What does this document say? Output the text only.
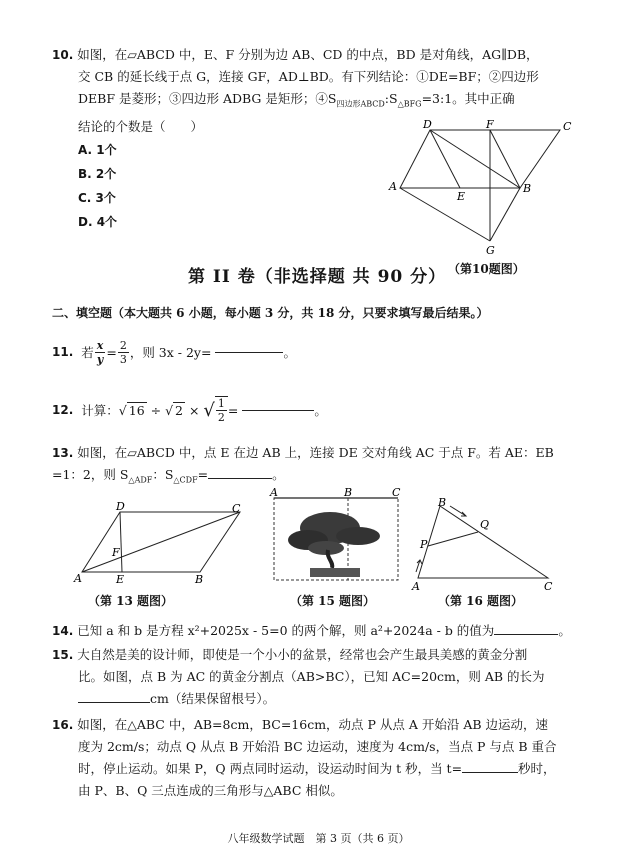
10. 如图，在▱ABCD 中，E、F 分别为边 AB、CD 的中点，BD 是对角线，AG∥DB，
交 CB 的延长线于点 G，连接 GF，AD⊥BD。有下列结论：①DE=BF；②四边形
DEBF 是菱形；③四边形 ADBG 是矩形；$④S_{四边形ABCD}:S_{\triangle BFG}=3:1$。其中正确
结论的个数是（　　）
A. 1个
B. 2个
C. 3个
D. 4个
D	F	C
A
E
B
G
（第10题图）
第 II 卷（非选择题 共 90 分）
二、填空题（本大题共 6 小题，每小题 3 分，共 18 分，只要求填写最后结果。）
11. 若 $\frac{x}{y} = \frac{2}{3}$ ，则 3x - 2y=	。
12. 计算： √ 16 ÷ √ 2 × √ $\frac{1}{2}$ =	。
13. 如图，在▱ABCD 中，点 E 在边 AB 上，连接 DE 交对角线 AC 于点 F。若 AE：EB
=1：2，则 $S_{\triangle ADF}$：$S_{\triangle CDF}=$	。
D	C
F
A	E	B
（第 13 题图）
A	B	C
（第 15 题图）
B
Q
P
A	C
（第 16 题图）
14. 已知 a 和 b 是方程 x²+2025x - 5=0 的两个解，则 a²+2024a - b 的值为	。
15. 大自然是美的设计师，即使是一个小小的盆景，经常也会产生最具美感的黄金分割
比。如图，点 B 为 AC 的黄金分割点（AB>BC），已知 AC=20cm，则 AB 的长为
cm（结果保留根号）。
16. 如图，在△ABC 中，AB=8cm，BC=16cm，动点 P 从点 A 开始沿 AB 边运动，速
度为 2cm/s；动点 Q 从点 B 开始沿 BC 边运动，速度为 4cm/s，当点 P 与点 B 重合
时，停止运动。如果 P，Q 两点同时运动，设运动时间为 t 秒，当 t=	秒时，
由 P、B、Q 三点连成的三角形与△ABC 相似。
八年级数学试题　第 3 页（共 6 页）
